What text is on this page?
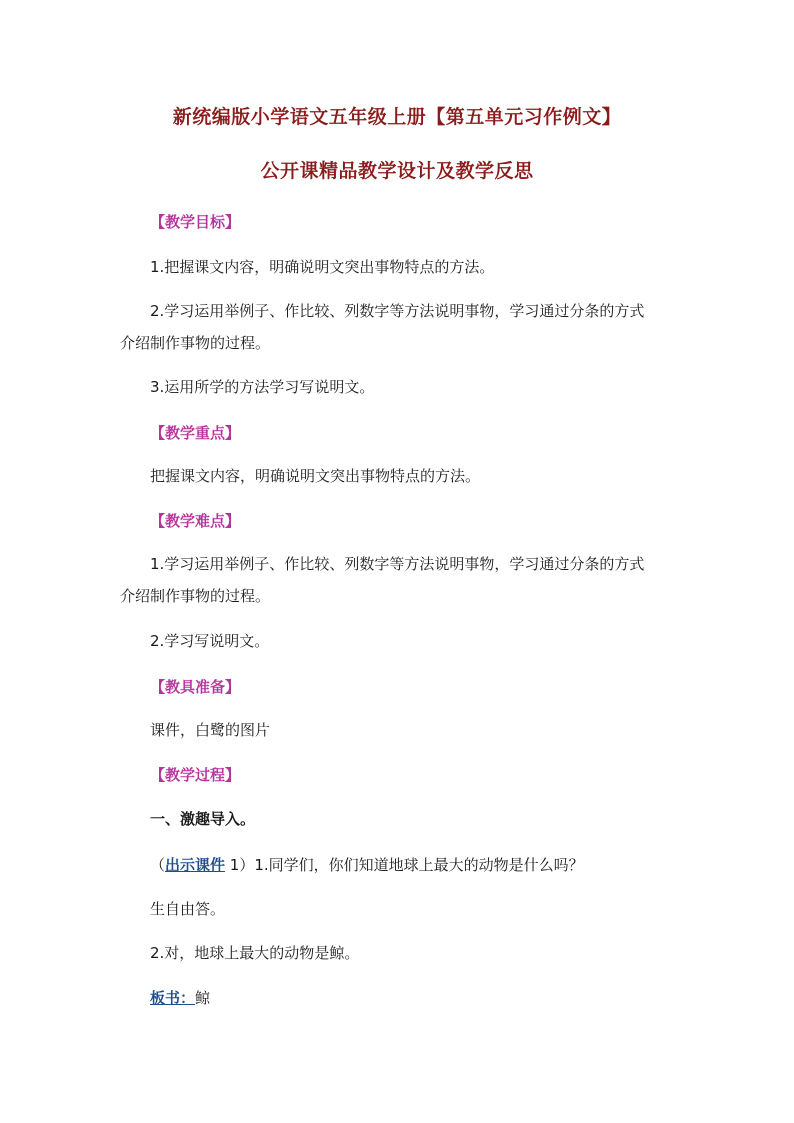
新统编版小学语文五年级上册【第五单元习作例文】
公开课精品教学设计及教学反思
【教学目标】
1.把握课文内容，明确说明文突出事物特点的方法。
2.学习运用举例子、作比较、列数字等方法说明事物，学习通过分条的方式
介绍制作事物的过程。
3.运用所学的方法学习写说明文。
【教学重点】
把握课文内容，明确说明文突出事物特点的方法。
【教学难点】
1.学习运用举例子、作比较、列数字等方法说明事物，学习通过分条的方式
介绍制作事物的过程。
2.学习写说明文。
【教具准备】
课件，白鹭的图片
【教学过程】
一、激趣导入。
（出示课件 1）1.同学们，你们知道地球上最大的动物是什么吗？
生自由答。
2.对，地球上最大的动物是鲸。
板书：鲸
